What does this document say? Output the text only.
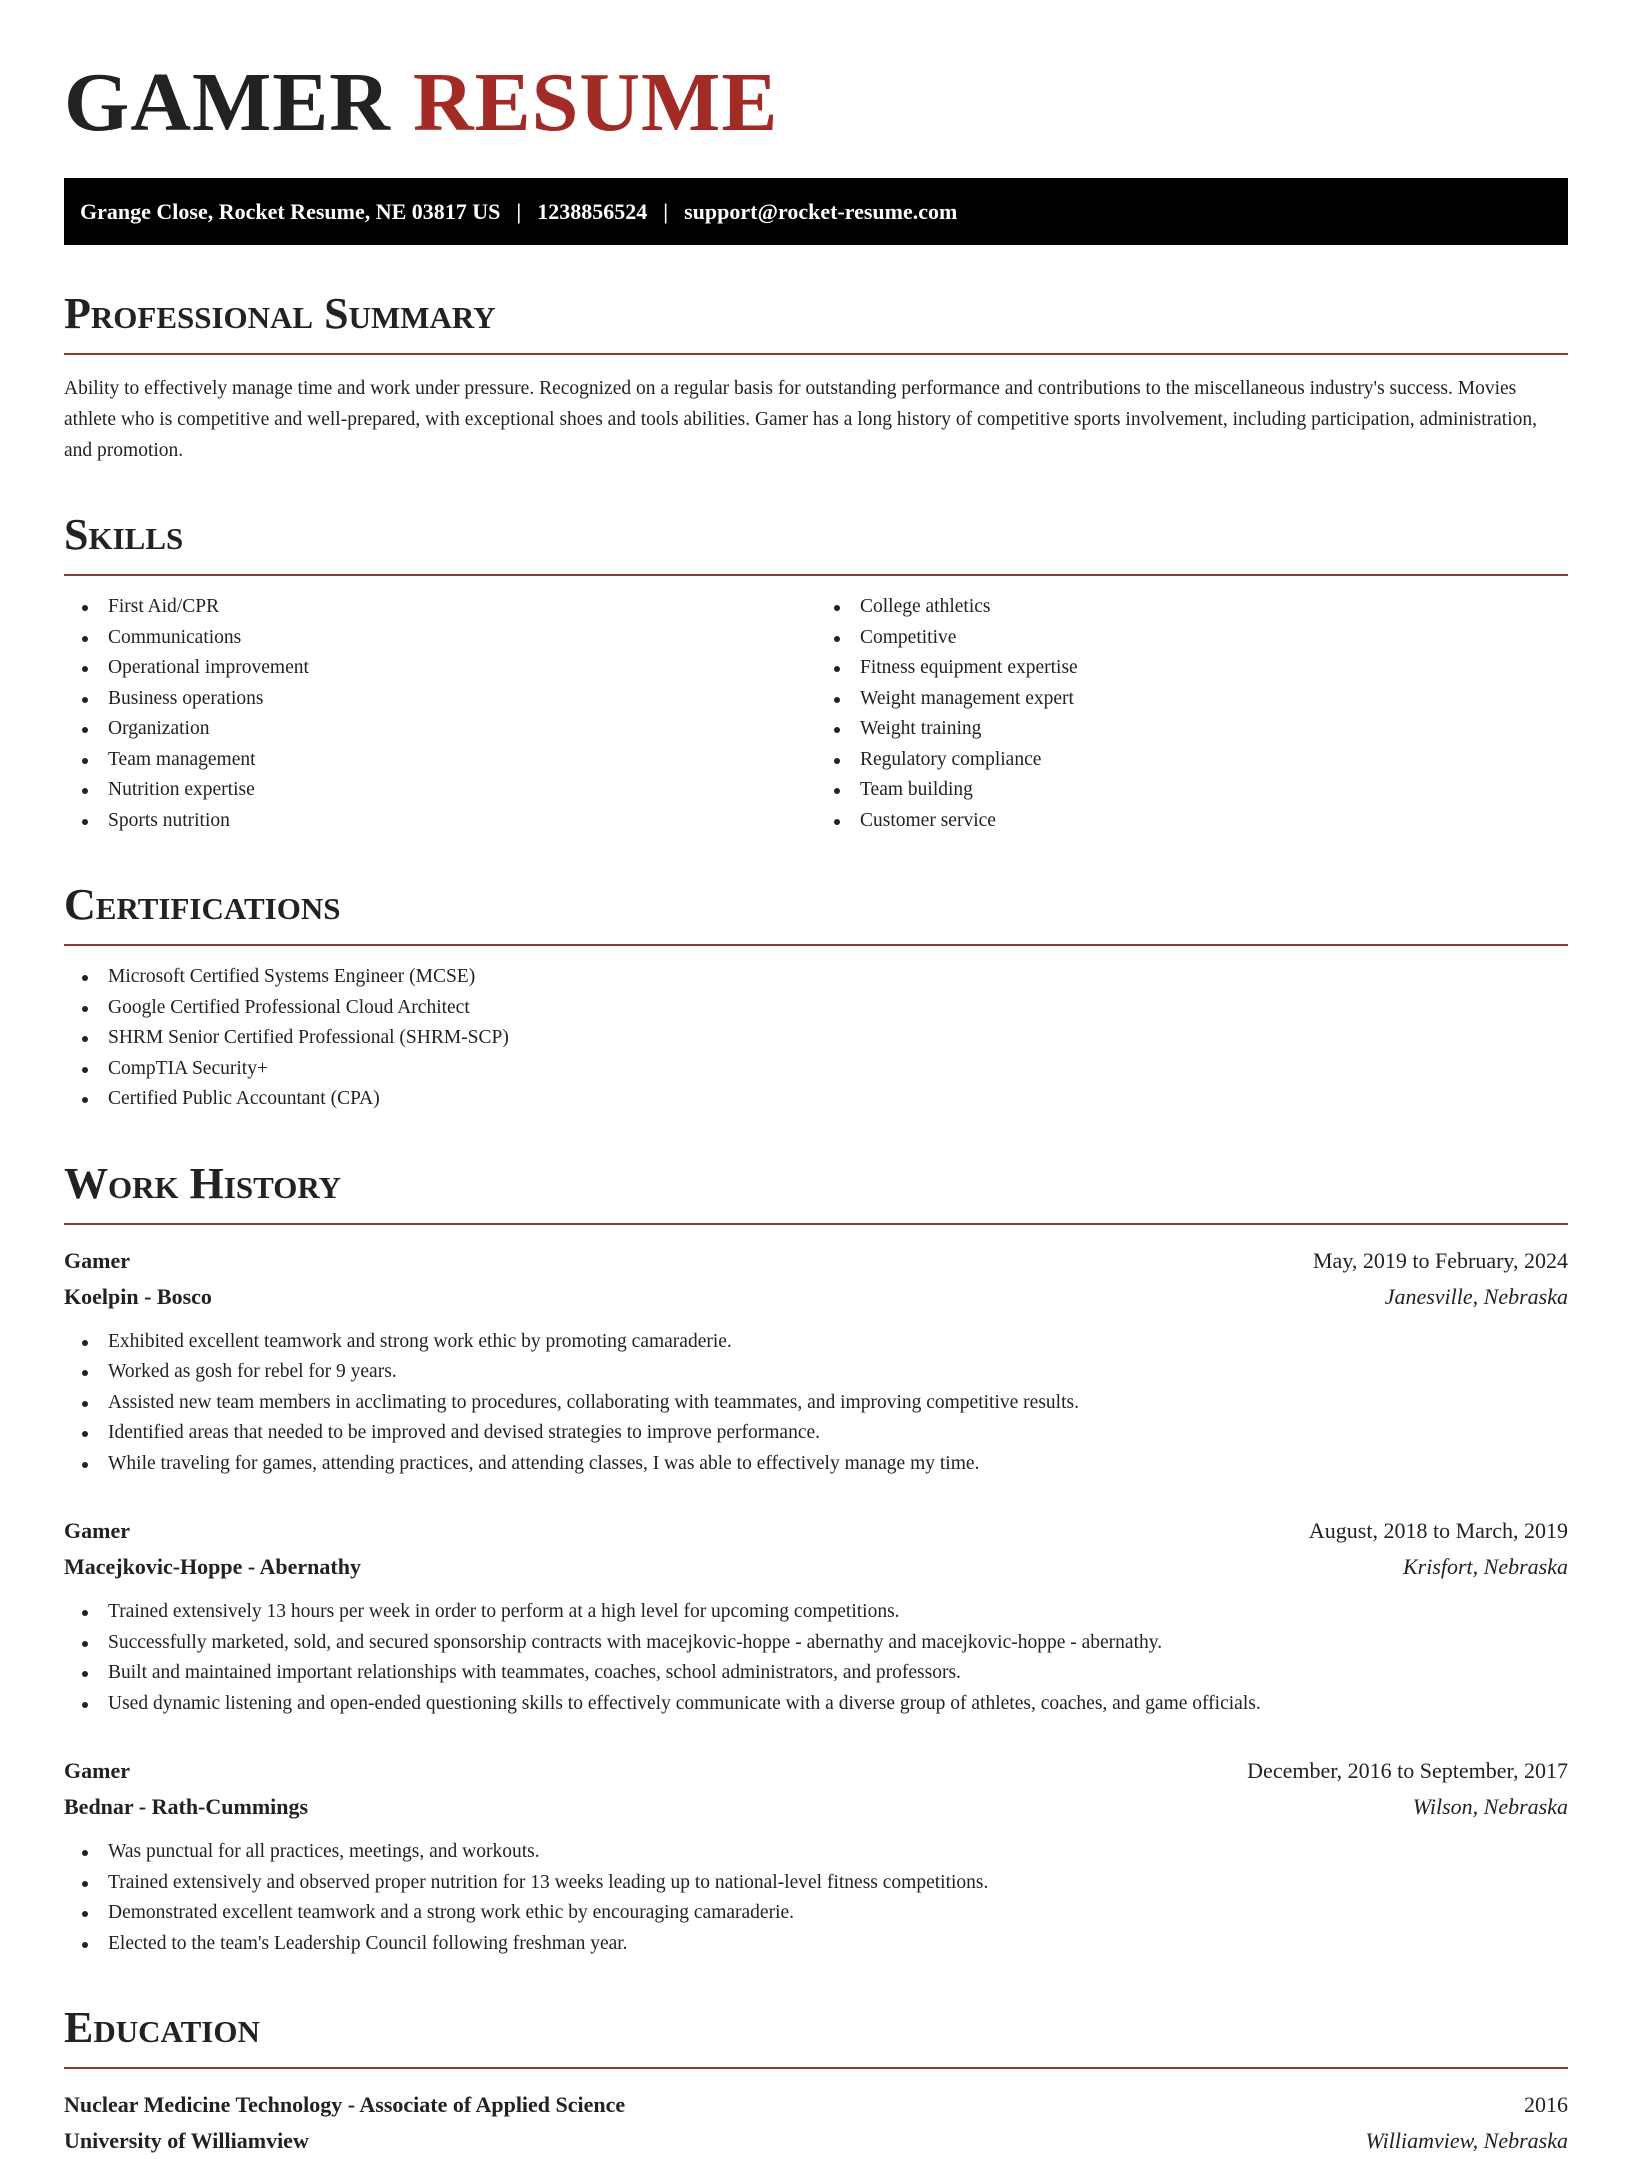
GAMER RESUME
Grange Close, Rocket Resume, NE 03817 US | 1238856524 | support@rocket-resume.com
Professional Summary

Ability to effectively manage time and work under pressure. Recognized on a regular basis for outstanding performance and contributions to the miscellaneous industry's success. Movies athlete who is competitive and well-prepared, with exceptional shoes and tools abilities. Gamer has a long history of competitive sports involvement, including participation, administration, and promotion.

Skills
First Aid/CPR
Communications
Operational improvement
Business operations
Organization
Team management
Nutrition expertise
Sports nutrition
College athletics
Competitive
Fitness equipment expertise
Weight management expert
Weight training
Regulatory compliance
Team building
Customer service
Certifications
Microsoft Certified Systems Engineer (MCSE)
Google Certified Professional Cloud Architect
SHRM Senior Certified Professional (SHRM-SCP)
CompTIA Security+
Certified Public Accountant (CPA)
Work History
Gamer	May, 2019 to February, 2024
Koelpin - Bosco	Janesville, Nebraska
Exhibited excellent teamwork and strong work ethic by promoting camaraderie.
Worked as gosh for rebel for 9 years.
Assisted new team members in acclimating to procedures, collaborating with teammates, and improving competitive results.
Identified areas that needed to be improved and devised strategies to improve performance.
While traveling for games, attending practices, and attending classes, I was able to effectively manage my time.
Gamer	August, 2018 to March, 2019
Macejkovic-Hoppe - Abernathy	Krisfort, Nebraska
Trained extensively 13 hours per week in order to perform at a high level for upcoming competitions.
Successfully marketed, sold, and secured sponsorship contracts with macejkovic-hoppe - abernathy and macejkovic-hoppe - abernathy.
Built and maintained important relationships with teammates, coaches, school administrators, and professors.
Used dynamic listening and open-ended questioning skills to effectively communicate with a diverse group of athletes, coaches, and game officials.
Gamer	December, 2016 to September, 2017
Bednar - Rath-Cummings	Wilson, Nebraska
Was punctual for all practices, meetings, and workouts.
Trained extensively and observed proper nutrition for 13 weeks leading up to national-level fitness competitions.
Demonstrated excellent teamwork and a strong work ethic by encouraging camaraderie.
Elected to the team's Leadership Council following freshman year.
Education
Nuclear Medicine Technology - Associate of Applied Science	2016
University of Williamview	Williamview, Nebraska
